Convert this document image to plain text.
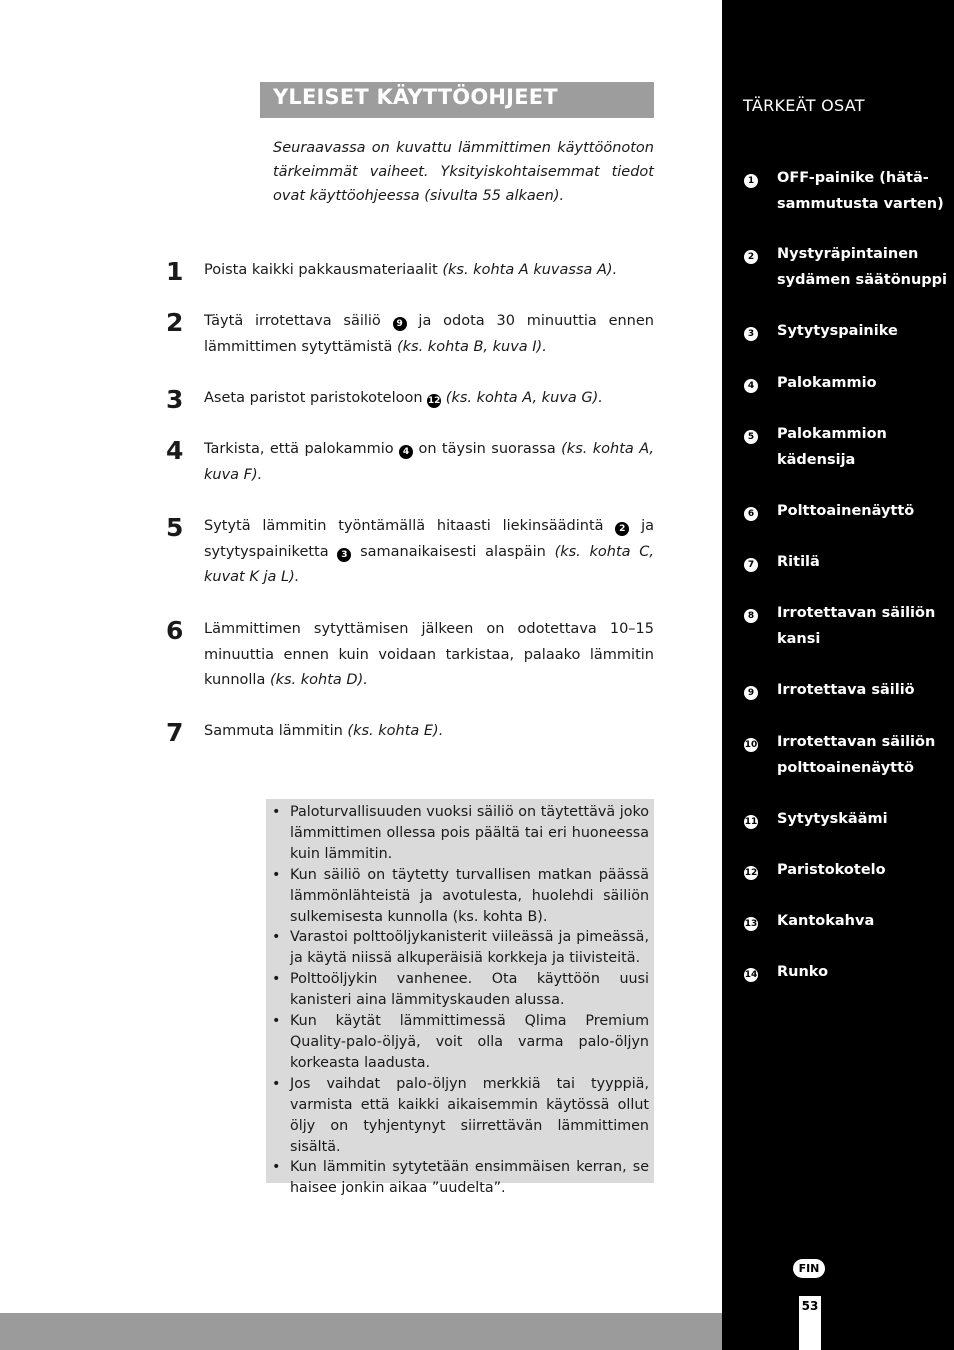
YLEISET KÄYTTÖOHJEET

Seuraavassa on kuvattu lämmittimen käyttöönoton tärkeimmät vaiheet. Yksityiskohtaisemmat tiedot ovat käyttöohjeessa (sivulta 55 alkaen).

1 Poista kaikki pakkausmateriaalit (ks. kohta A kuvassa A).

2 Täytä irrotettava säiliö 9 ja odota 30 minuuttia ennen lämmittimen sytyttämistä (ks. kohta B, kuva I).

3 Aseta paristot paristokoteloon 12 (ks. kohta A, kuva G).

4 Tarkista, että palokammio 4 on täysin suorassa (ks. kohta A, kuva F).

5 Sytytä lämmitin työntämällä hitaasti liekinsäädintä 2 ja sytytyspainiketta 3 samanaikaisesti alaspäin (ks. kohta C, kuvat K ja L).

6 Lämmittimen sytyttämisen jälkeen on odotettava 10–15 minuuttia ennen kuin voidaan tarkistaa, palaako lämmitin kunnolla (ks. kohta D).

7 Sammuta lämmitin (ks. kohta E).

• Paloturvallisuuden vuoksi säiliö on täytettävä joko lämmittimen ollessa pois päältä tai eri huoneessa kuin lämmitin.
• Kun säiliö on täytetty turvallisen matkan päässä lämmönlähteistä ja avotulesta, huolehdi säiliön sulkemisesta kunnolla (ks. kohta B).
• Varastoi polttoöljykanisterit viileässä ja pimeässä, ja käytä niissä alkuperäisiä korkkeja ja tiivisteitä.
• Polttoöljykin vanhenee. Ota käyttöön uusi kanisteri aina lämmityskauden alussa.
• Kun käytät lämmittimessä Qlima Premium Quality-palo-öljyä, voit olla varma palo-öljyn korkeasta laadusta.
• Jos vaihdat palo-öljyn merkkiä tai tyyppiä, varmista että kaikki aikaisemmin käytössä ollut öljy on tyhjentynyt siirrettävän lämmittimen sisältä.
• Kun lämmitin sytytetään ensimmäisen kerran, se haisee jonkin aikaa ”uudelta”.
TÄRKEÄT OSAT
1 OFF-painike (hätä-sammutusta varten)
2 Nystyräpintainen sydämen säätönuppi
3 Sytytyspainike
4 Palokammio
5 Palokammion kädensija
6 Polttoainenäyttö
7 Ritilä
8 Irrotettavan säiliön kansi
9 Irrotettava säiliö
10 Irrotettavan säiliön polttoainenäyttö
11 Sytytyskäämi
12 Paristokotelo
13 Kantokahva
14 Runko
FIN
53
